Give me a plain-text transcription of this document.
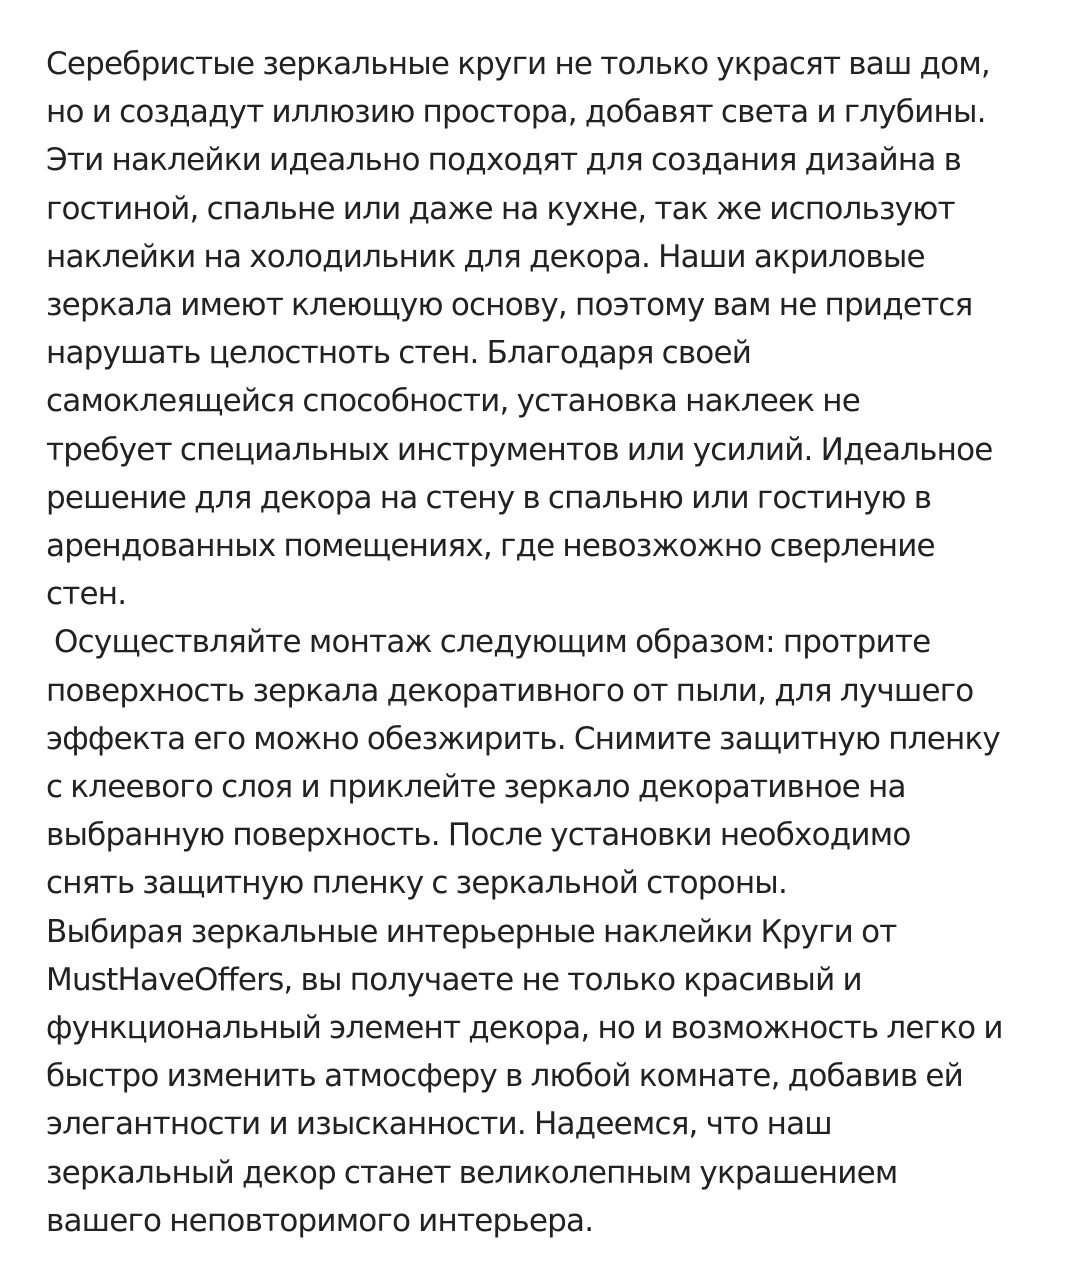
Серебристые зеркальные круги не только украсят ваш дом,
но и создадут иллюзию простора, добавят света и глубины.
Эти наклейки идеально подходят для создания дизайна в
гостиной, спальне или даже на кухне, так же используют
наклейки на холодильник для декора. Наши акриловые
зеркала имеют клеющую основу, поэтому вам не придется
нарушать целостноть стен. Благодаря своей
самоклеящейся способности, установка наклеек не
требует специальных инструментов или усилий. Идеальное
решение для декора на стену в спальню или гостиную в
арендованных помещениях, где невозжожно сверление
стен.
Осуществляйте монтаж следующим образом: протрите
поверхность зеркала декоративного от пыли, для лучшего
эффекта его можно обезжирить. Снимите защитную пленку
с клеевого слоя и приклейте зеркало декоративное на
выбранную поверхность. После установки необходимо
снять защитную пленку с зеркальной стороны.
Выбирая зеркальные интерьерные наклейки Круги от
MustHaveOffers, вы получаете не только красивый и
функциональный элемент декора, но и возможность легко и
быстро изменить атмосферу в любой комнате, добавив ей
элегантности и изысканности. Надеемся, что наш
зеркальный декор станет великолепным украшением
вашего неповторимого интерьера.
